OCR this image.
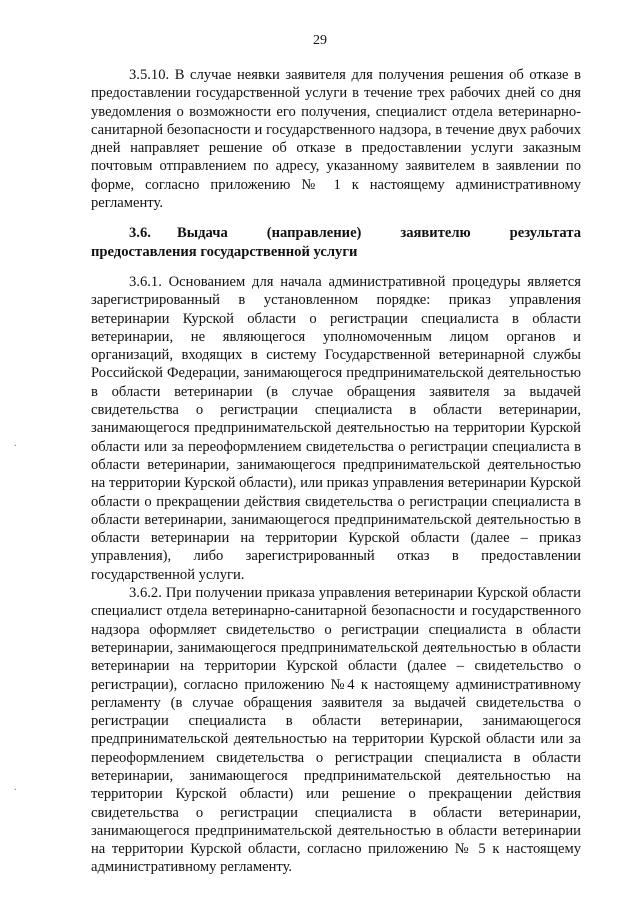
29

3.5.10. В случае неявки заявителя для получения решения об отказе в предоставлении государственной услуги в течение трех рабочих дней со дня уведомления о возможности его получения, специалист отдела ветеринарно-санитарной безопасности и государственного надзора, в течение двух рабочих дней направляет решение об отказе в предоставлении услуги заказным почтовым отправлением по адресу, указанному заявителем в заявлении по форме, согласно приложению № 1 к настоящему административному регламенту.

3.6. Выдача (направление) заявителю результата предоставления государственной услуги

3.6.1. Основанием для начала административной процедуры является зарегистрированный в установленном порядке: приказ управления ветеринарии Курской области о регистрации специалиста в области ветеринарии, не являющегося уполномоченным лицом органов и организаций, входящих в систему Государственной ветеринарной службы Российской Федерации, занимающегося предпринимательской деятельностью в области ветеринарии (в случае обращения заявителя за выдачей свидетельства о регистрации специалиста в области ветеринарии, занимающегося предпринимательской деятельностью на территории Курской области или за переоформлением свидетельства о регистрации специалиста в области ветеринарии, занимающегося предпринимательской деятельностью на территории Курской области), или приказ управления ветеринарии Курской области о прекращении действия свидетельства о регистрации специалиста в области ветеринарии, занимающегося предпринимательской деятельностью в области ветеринарии на территории Курской области (далее – приказ управления), либо зарегистрированный отказ в предоставлении государственной услуги.

3.6.2. При получении приказа управления ветеринарии Курской области специалист отдела ветеринарно-санитарной безопасности и государственного надзора оформляет свидетельство о регистрации специалиста в области ветеринарии, занимающегося предпринимательской деятельностью в области ветеринарии на территории Курской области (далее – свидетельство о регистрации), согласно приложению №4 к настоящему административному регламенту (в случае обращения заявителя за выдачей свидетельства о регистрации специалиста в области ветеринарии, занимающегося предпринимательской деятельностью на территории Курской области или за переоформлением свидетельства о регистрации специалиста в области ветеринарии, занимающегося предпринимательской деятельностью на территории Курской области) или решение о прекращении действия свидетельства о регистрации специалиста в области ветеринарии, занимающегося предпринимательской деятельностью в области ветеринарии на территории Курской области, согласно приложению № 5 к настоящему административному регламенту.

.
.
